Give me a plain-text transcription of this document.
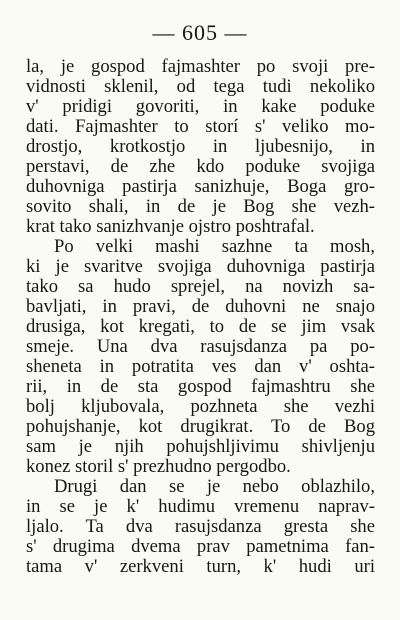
— 605 —
la, je gospod fajmashter po svoji pre-
vidnosti sklenil, od tega tudi nekoliko
v' pridigi govoriti, in kake poduke
dati. Fajmashter to storí s' veliko mo-
drostjo, krotkostjo in ljubesnijo, in
perstavi, de zhe kdo poduke svojiga
duhovniga pastirja sanizhuje, Boga gro-
sovito shali, in de je Bog she vezh-
krat tako sanizhvanje ojstro poshtrafal.
Po velki mashi sazhne ta mosh,
ki je svaritve svojiga duhovniga pastirja
tako sa hudo sprejel, na novizh sa-
bavljati, in pravi, de duhovni ne snajo
drusiga, kot kregati, to de se jim vsak
smeje. Una dva rasujsdanza pa po-
sheneta in potratita ves dan v' oshta-
rii, in de sta gospod fajmashtru she
bolj kljubovala, pozhneta she vezhi
pohujshanje, kot drugikrat. To de Bog
sam je njih pohujshljivimu shivljenju
konez storil s' prezhudno pergodbo.
Drugi dan se je nebo oblazhilo,
in se je k' hudimu vremenu naprav-
ljalo. Ta dva rasujsdanza gresta she
s' drugima dvema prav pametnima fan-
tama v' zerkveni turn, k' hudi uri
